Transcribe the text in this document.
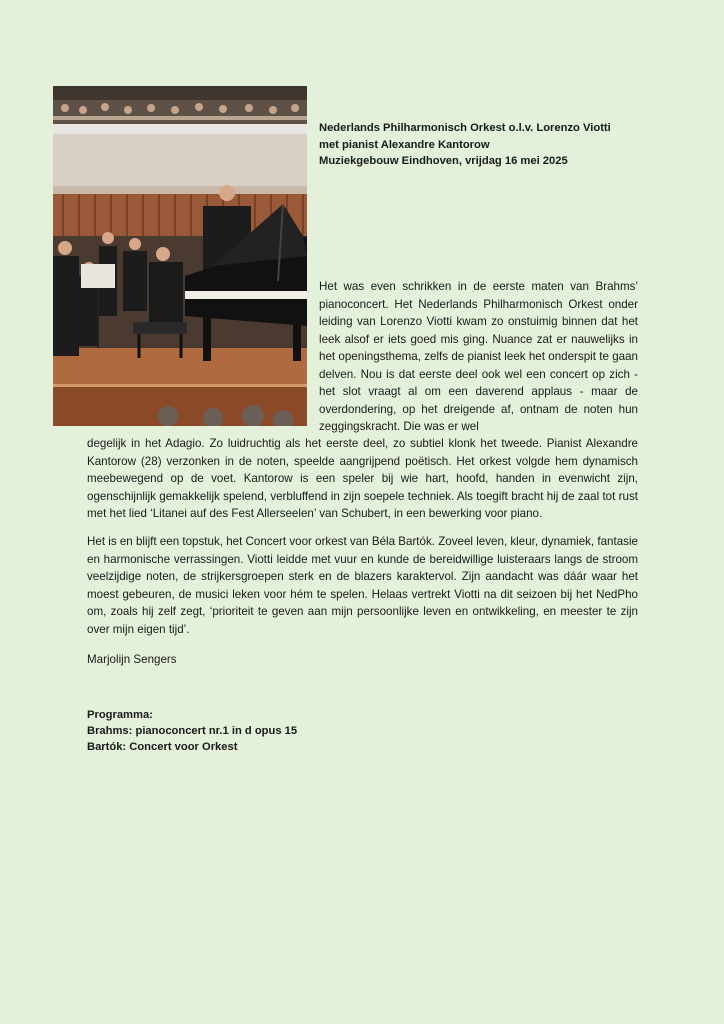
Nederlands Philharmonisch Orkest o.l.v. Lorenzo Viotti
met pianist Alexandre Kantorow
Muziekgebouw Eindhoven, vrijdag 16 mei 2025

Het was even schrikken in de eerste maten van Brahms’ pianoconcert. Het Nederlands Philharmonisch Orkest onder leiding van Lorenzo Viotti kwam zo onstuimig binnen dat het leek alsof er iets goed mis ging. Nuance zat er nauwelijks in het openingsthema, zelfs de pianist leek het onderspit te gaan delven. Nou is dat eerste deel ook wel een concert op zich - het slot vraagt al om een daverend applaus - maar de overdondering, op het dreigende af, ontnam de noten hun zeggingskracht. Die was er wel

degelijk in het Adagio. Zo luidruchtig als het eerste deel, zo subtiel klonk het tweede. Pianist Alexandre Kantorow (28) verzonken in de noten, speelde aangrijpend poëtisch. Het orkest volgde hem dynamisch meebewegend op de voet. Kantorow is een speler bij wie hart, hoofd, handen in evenwicht zijn, ogenschijnlijk gemakkelijk spelend, verbluffend in zijn soepele techniek. Als toegift bracht hij de zaal tot rust met het lied ‘Litanei auf des Fest Allerseelen’ van Schubert, in een bewerking voor piano.

Het is en blijft een topstuk, het Concert voor orkest van Béla Bartók. Zoveel leven, kleur, dynamiek, fantasie en harmonische verrassingen. Viotti leidde met vuur en kunde de bereidwillige luisteraars langs de stroom veelzijdige noten, de strijkersgroepen sterk en de blazers karaktervol. Zijn aandacht was dáár waar het moest gebeuren, de musici leken voor hém te spelen. Helaas vertrekt Viotti na dit seizoen bij het NedPho om, zoals hij zelf zegt, ‘prioriteit te geven aan mijn persoonlijke leven en ontwikkeling, en meester te zijn over mijn eigen tijd’.

Marjolijn Sengers
Programma:
Brahms: pianoconcert nr.1 in d opus 15
Bartók: Concert voor Orkest
